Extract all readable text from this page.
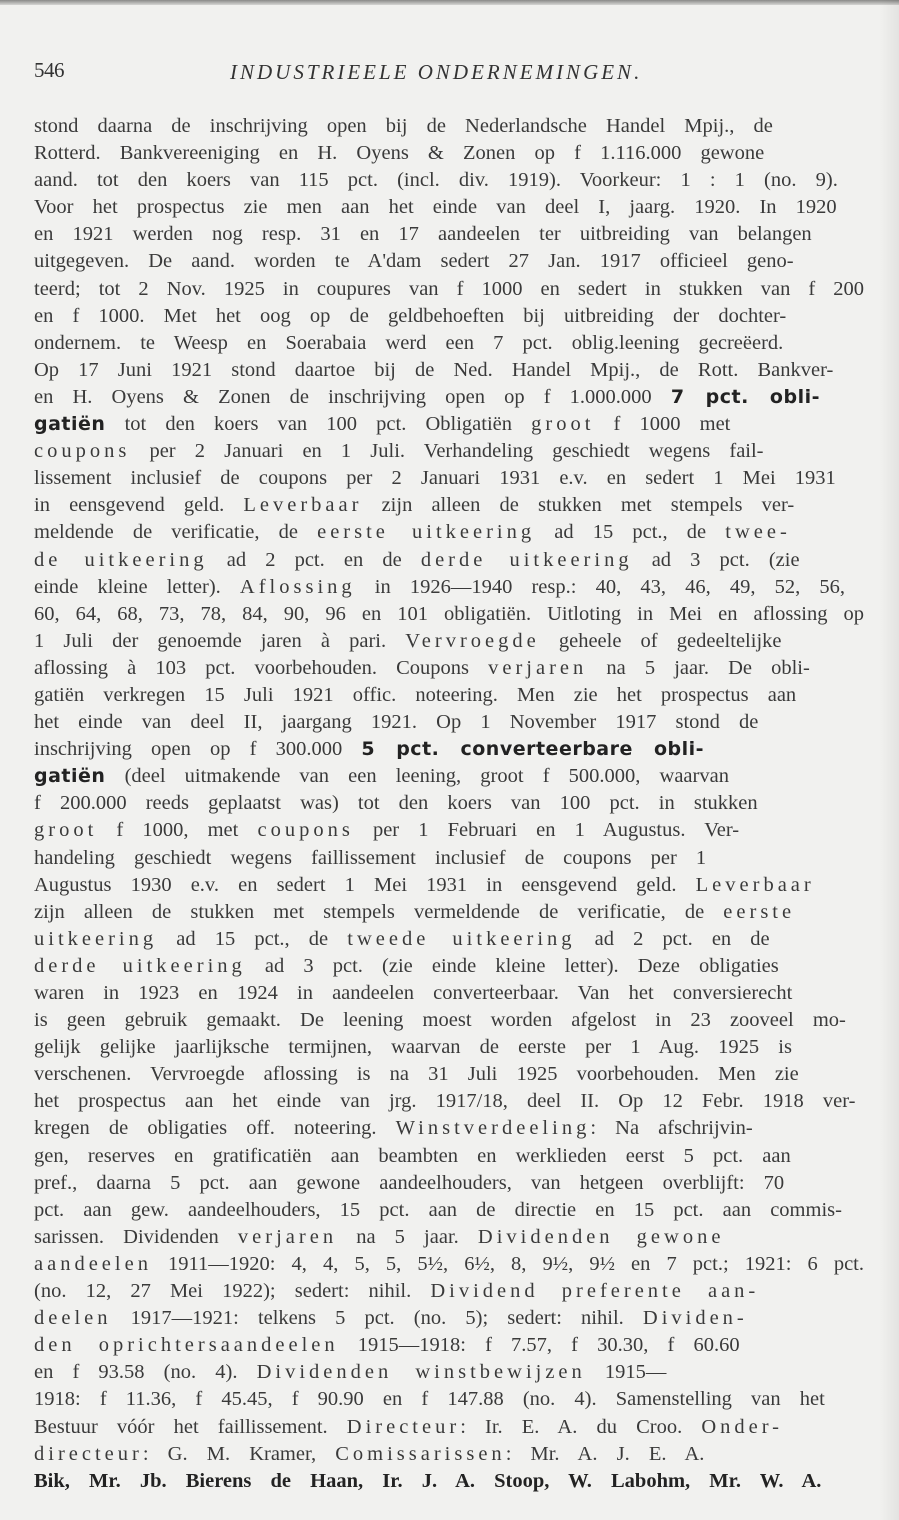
546	INDUSTRIEELE ONDERNEMINGEN.
stond daarna de inschrijving open bij de Nederlandsche Handel Mpij., de
Rotterd. Bankvereeniging en H. Oyens & Zonen op f 1.116.000 gewone
aand. tot den koers van 115 pct. (incl. div. 1919). Voorkeur: 1 : 1 (no. 9).
Voor het prospectus zie men aan het einde van deel I, jaarg. 1920. In 1920
en 1921 werden nog resp. 31 en 17 aandeelen ter uitbreiding van belangen
uitgegeven. De aand. worden te A'dam sedert 27 Jan. 1917 officieel geno-
teerd; tot 2 Nov. 1925 in coupures van f 1000 en sedert in stukken van f 200
en f 1000. Met het oog op de geldbehoeften bij uitbreiding der dochter-
ondernem. te Weesp en Soerabaia werd een 7 pct. oblig.leening gecreëerd.
Op 17 Juni 1921 stond daartoe bij de Ned. Handel Mpij., de Rott. Bankver-
en H. Oyens & Zonen de inschrijving open op f 1.000.000 7 pct. obli-
gatiën tot den koers van 100 pct. Obligatiën groot f 1000 met
coupons per 2 Januari en 1 Juli. Verhandeling geschiedt wegens fail-
lissement inclusief de coupons per 2 Januari 1931 e.v. en sedert 1 Mei 1931
in eensgevend geld. Leverbaar zijn alleen de stukken met stempels ver-
meldende de verificatie, de eerste uitkeering ad 15 pct., de twee-
de uitkeering ad 2 pct. en de derde uitkeering ad 3 pct. (zie
einde kleine letter). Aflossing in 1926—1940 resp.: 40, 43, 46, 49, 52, 56,
60, 64, 68, 73, 78, 84, 90, 96 en 101 obligatiën. Uitloting in Mei en aflossing op
1 Juli der genoemde jaren à pari. Vervroegde geheele of gedeeltelijke
aflossing à 103 pct. voorbehouden. Coupons verjaren na 5 jaar. De obli-
gatiën verkregen 15 Juli 1921 offic. noteering. Men zie het prospectus aan
het einde van deel II, jaargang 1921. Op 1 November 1917 stond de
inschrijving open op f 300.000 5 pct. converteerbare obli-
gatiën (deel uitmakende van een leening, groot f 500.000, waarvan
f 200.000 reeds geplaatst was) tot den koers van 100 pct. in stukken
groot f 1000, met coupons per 1 Februari en 1 Augustus. Ver-
handeling geschiedt wegens faillissement inclusief de coupons per 1
Augustus 1930 e.v. en sedert 1 Mei 1931 in eensgevend geld. Leverbaar
zijn alleen de stukken met stempels vermeldende de verificatie, de eerste
uitkeering ad 15 pct., de tweede uitkeering ad 2 pct. en de
derde uitkeering ad 3 pct. (zie einde kleine letter). Deze obligaties
waren in 1923 en 1924 in aandeelen converteerbaar. Van het conversierecht
is geen gebruik gemaakt. De leening moest worden afgelost in 23 zooveel mo-
gelijk gelijke jaarlijksche termijnen, waarvan de eerste per 1 Aug. 1925 is
verschenen. Vervroegde aflossing is na 31 Juli 1925 voorbehouden. Men zie
het prospectus aan het einde van jrg. 1917/18, deel II. Op 12 Febr. 1918 ver-
kregen de obligaties off. noteering. Winstverdeeling: Na afschrijvin-
gen, reserves en gratificatiën aan beambten en werklieden eerst 5 pct. aan
pref., daarna 5 pct. aan gewone aandeelhouders, van hetgeen overblijft: 70
pct. aan gew. aandeelhouders, 15 pct. aan de directie en 15 pct. aan commis-
sarissen. Dividenden verjaren na 5 jaar. Dividenden gewone
aandeelen 1911—1920: 4, 4, 5, 5, 5½, 6½, 8, 9½, 9½ en 7 pct.; 1921: 6 pct.
(no. 12, 27 Mei 1922); sedert: nihil. Dividend preferente aan-
deelen 1917—1921: telkens 5 pct. (no. 5); sedert: nihil. Dividen-
den oprichtersaandeelen 1915—1918: f 7.57, f 30.30, f 60.60
en f 93.58 (no. 4). Dividenden winstbewijzen 1915—
1918: f 11.36, f 45.45, f 90.90 en f 147.88 (no. 4). Samenstelling van het
Bestuur vóór het faillissement. Directeur: Ir. E. A. du Croo. Onder-
directeur: G. M. Kramer, Comissarissen: Mr. A. J. E. A.
Bik, Mr. Jb. Bierens de Haan, Ir. J. A. Stoop, W. Labohm, Mr. W. A.
